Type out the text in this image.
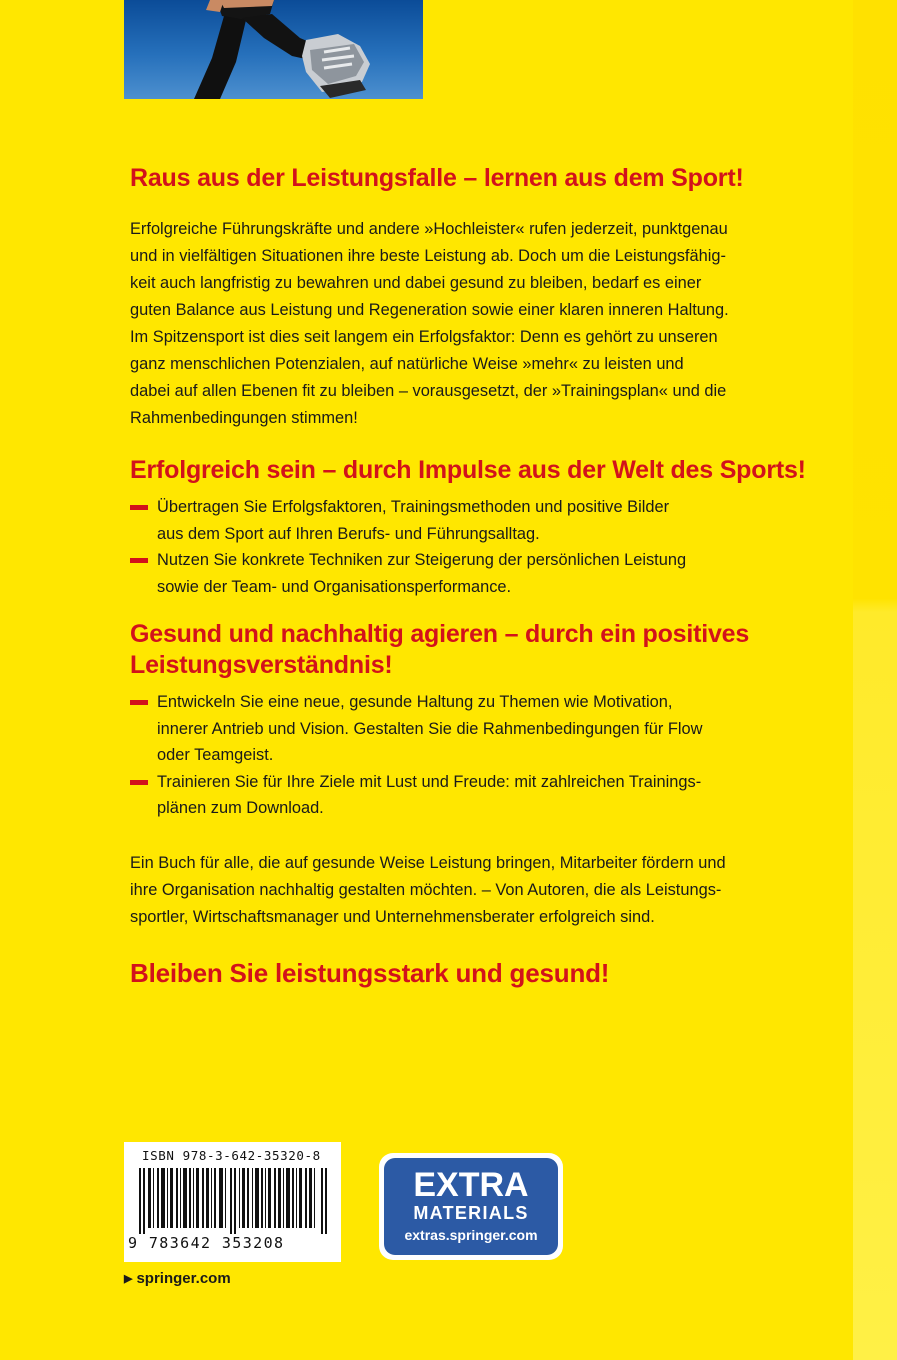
Raus aus der Leistungsfalle – lernen aus dem Sport!
Erfolgreiche Führungskräfte und andere »Hochleister« rufen jederzeit, punktgenau
und in vielfältigen Situationen ihre beste Leistung ab. Doch um die Leistungsfähig-
keit auch langfristig zu bewahren und dabei gesund zu bleiben, bedarf es einer
guten Balance aus Leistung und Regeneration sowie einer klaren inneren Haltung.
Im Spitzensport ist dies seit langem ein Erfolgsfaktor: Denn es gehört zu unseren
ganz menschlichen Potenzialen, auf natürliche Weise »mehr« zu leisten und
dabei auf allen Ebenen fit zu bleiben – vorausgesetzt, der »Trainingsplan« und die
Rahmenbedingungen stimmen!
Erfolgreich sein – durch Impulse aus der Welt des Sports!
Übertragen Sie Erfolgsfaktoren, Trainingsmethoden und positive Bilder
aus dem Sport auf Ihren Berufs- und Führungsalltag.
Nutzen Sie konkrete Techniken zur Steigerung der persönlichen Leistung
sowie der Team- und Organisationsperformance.
Gesund und nachhaltig agieren – durch ein positives
Leistungsverständnis!
Entwickeln Sie eine neue, gesunde Haltung zu Themen wie Motivation,
innerer Antrieb und Vision. Gestalten Sie die Rahmenbedingungen für Flow
oder Teamgeist.
Trainieren Sie für Ihre Ziele mit Lust und Freude: mit zahlreichen Trainings-
plänen zum Download.
Ein Buch für alle, die auf gesunde Weise Leistung bringen, Mitarbeiter fördern und
ihre Organisation nachhaltig gestalten möchten. – Von Autoren, die als Leistungs-
sportler, Wirtschaftsmanager und Unternehmensberater erfolgreich sind.
Bleiben Sie leistungsstark und gesund!
ISBN 978-3-642-35320-8
9 783642 353208
EXTRA
MATERIALS
extras.springer.com
▶ springer.com
